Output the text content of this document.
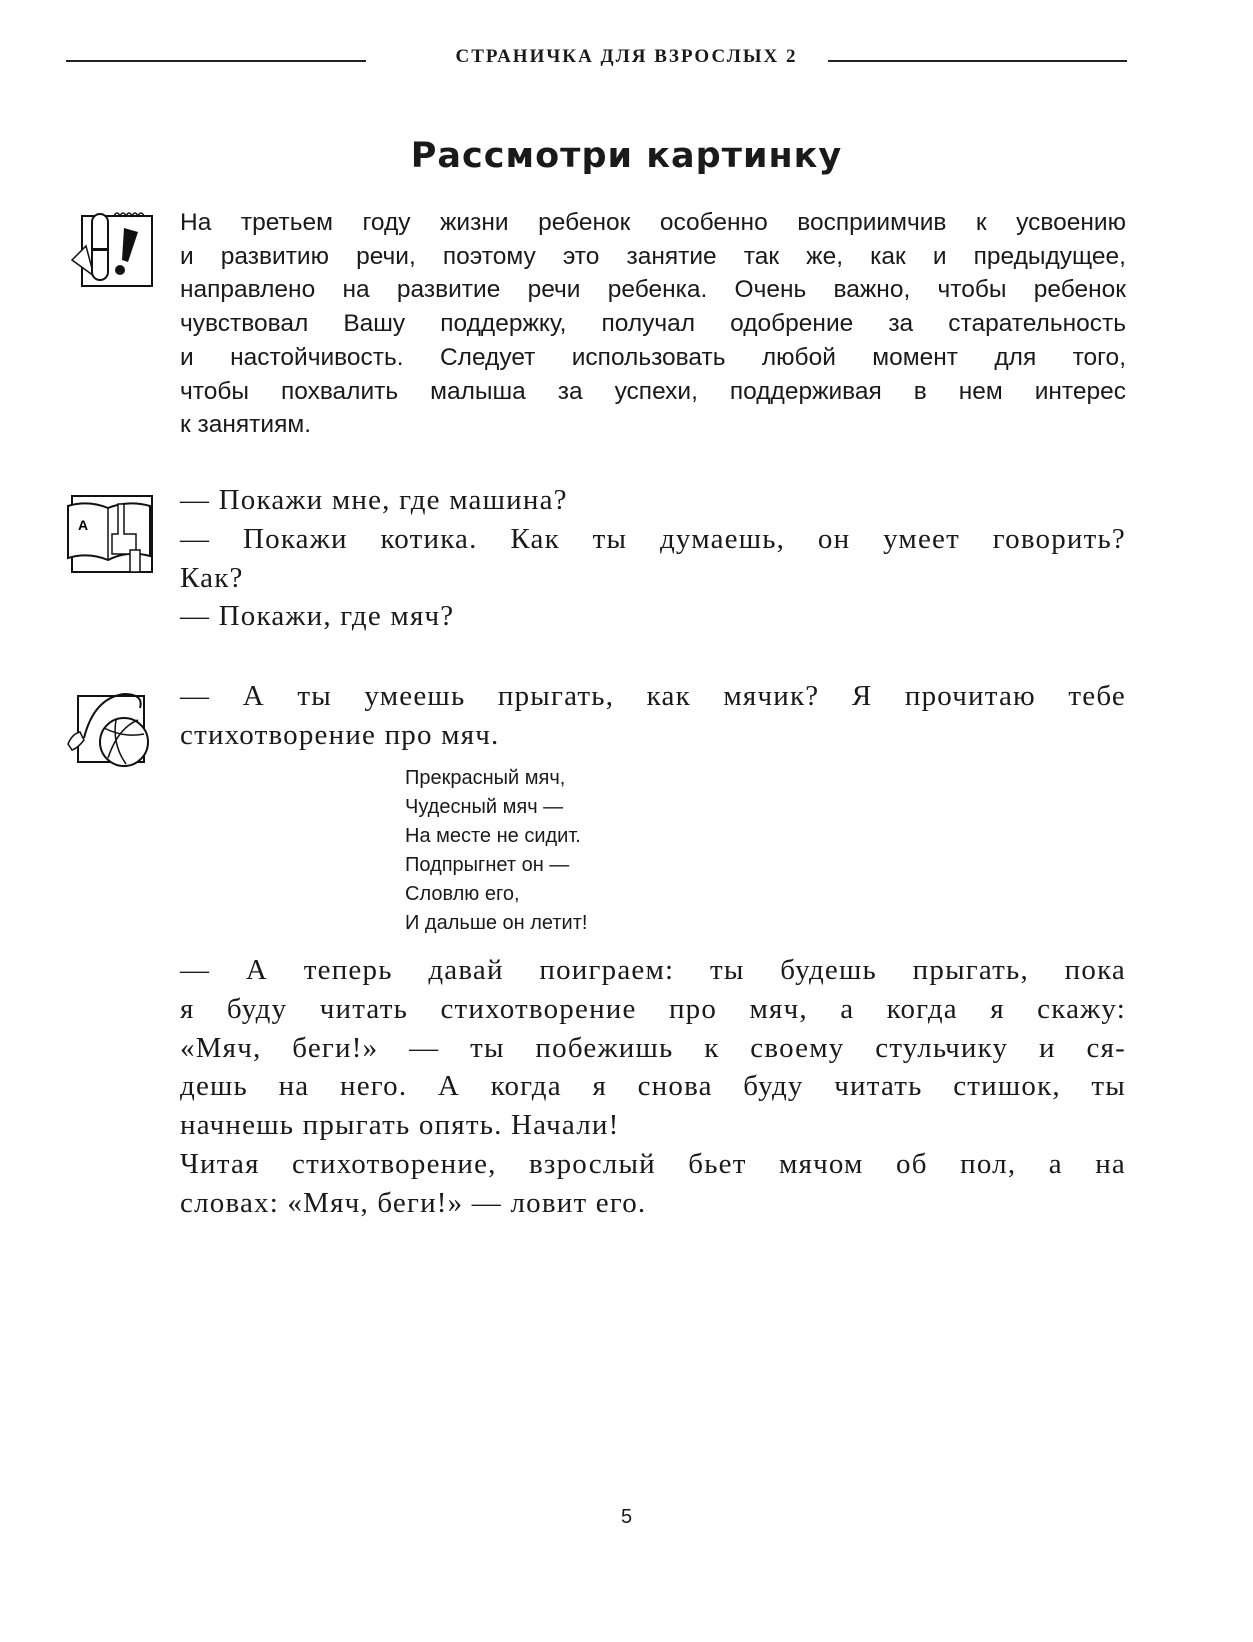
СТРАНИЧКА ДЛЯ ВЗРОСЛЫХ 2
Рассмотри картинку
На третьем году жизни ребенок особенно восприимчив к усвоению
и развитию речи, поэтому это занятие так же, как и предыдущее,
направлено на развитие речи ребенка. Очень важно, чтобы ребенок
чувствовал Вашу поддержку, получал одобрение за старательность
и настойчивость. Следует использовать любой момент для того,
чтобы похвалить малыша за успехи, поддерживая в нем интерес
к занятиям.
A
— Покажи мне, где машина?
— Покажи котика. Как ты думаешь, он умеет говорить?
Как?
— Покажи, где мяч?
— А ты умеешь прыгать, как мячик? Я прочитаю тебе
стихотворение про мяч.
Прекрасный мяч,
Чудесный мяч —
На месте не сидит.
Подпрыгнет он —
Словлю его,
И дальше он летит!
— А теперь давай поиграем: ты будешь прыгать, пока
я буду читать стихотворение про мяч, а когда я скажу:
«Мяч, беги!» — ты побежишь к своему стульчику и ся-
дешь на него. А когда я снова буду читать стишок, ты
начнешь прыгать опять. Начали!
Читая стихотворение, взрослый бьет мячом об пол, а на
словах: «Мяч, беги!» — ловит его.
5
